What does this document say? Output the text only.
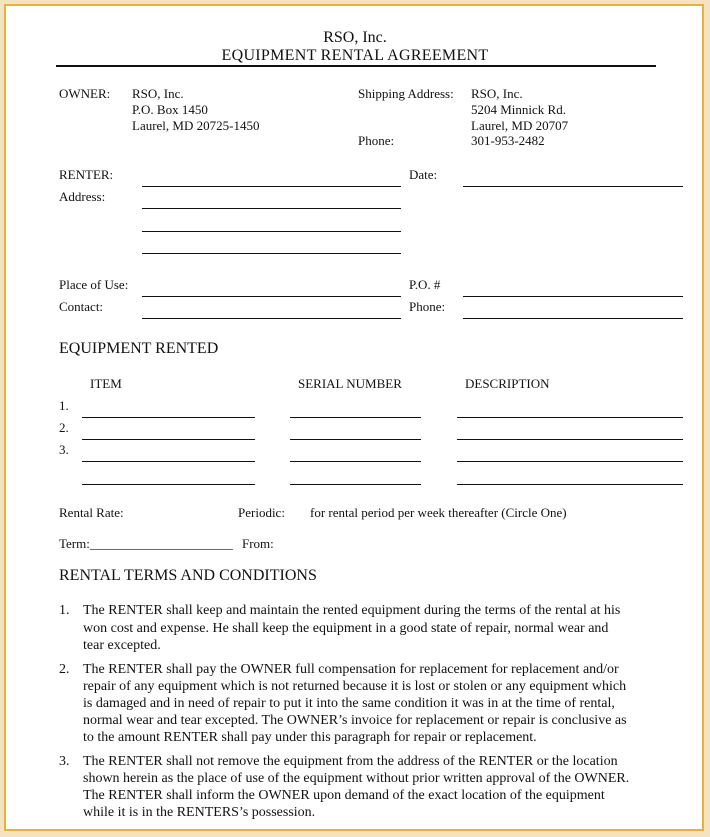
RSO, Inc.
EQUIPMENT RENTAL AGREEMENT
OWNER: RSO, Inc.
P.O. Box 1450
Laurel, MD 20725-1450
Shipping Address: RSO, Inc.
5204 Minnick Rd.
Laurel, MD 20707
Phone:	301-953-2482
RENTER:	Date:
Address:
Place of Use:	P.O. #
Contact:	Phone:
EQUIPMENT RENTED
ITEM	SERIAL NUMBER	DESCRIPTION
1.
2.
3.
Rental Rate:	Periodic: for rental period per week thereafter (Circle One)
Term:______________________ From:
RENTAL TERMS AND CONDITIONS
1. The RENTER shall keep and maintain the rented equipment during the terms of the rental at his
won cost and expense. He shall keep the equipment in a good state of repair, normal wear and
tear excepted.
2. The RENTER shall pay the OWNER full compensation for replacement for replacement and/or
repair of any equipment which is not returned because it is lost or stolen or any equipment which
is damaged and in need of repair to put it into the same condition it was in at the time of rental,
normal wear and tear excepted. The OWNER’s invoice for replacement or repair is conclusive as
to the amount RENTER shall pay under this paragraph for repair or replacement.
3. The RENTER shall not remove the equipment from the address of the RENTER or the location
shown herein as the place of use of the equipment without prior written approval of the OWNER.
The RENTER shall inform the OWNER upon demand of the exact location of the equipment
while it is in the RENTERS’s possession.
